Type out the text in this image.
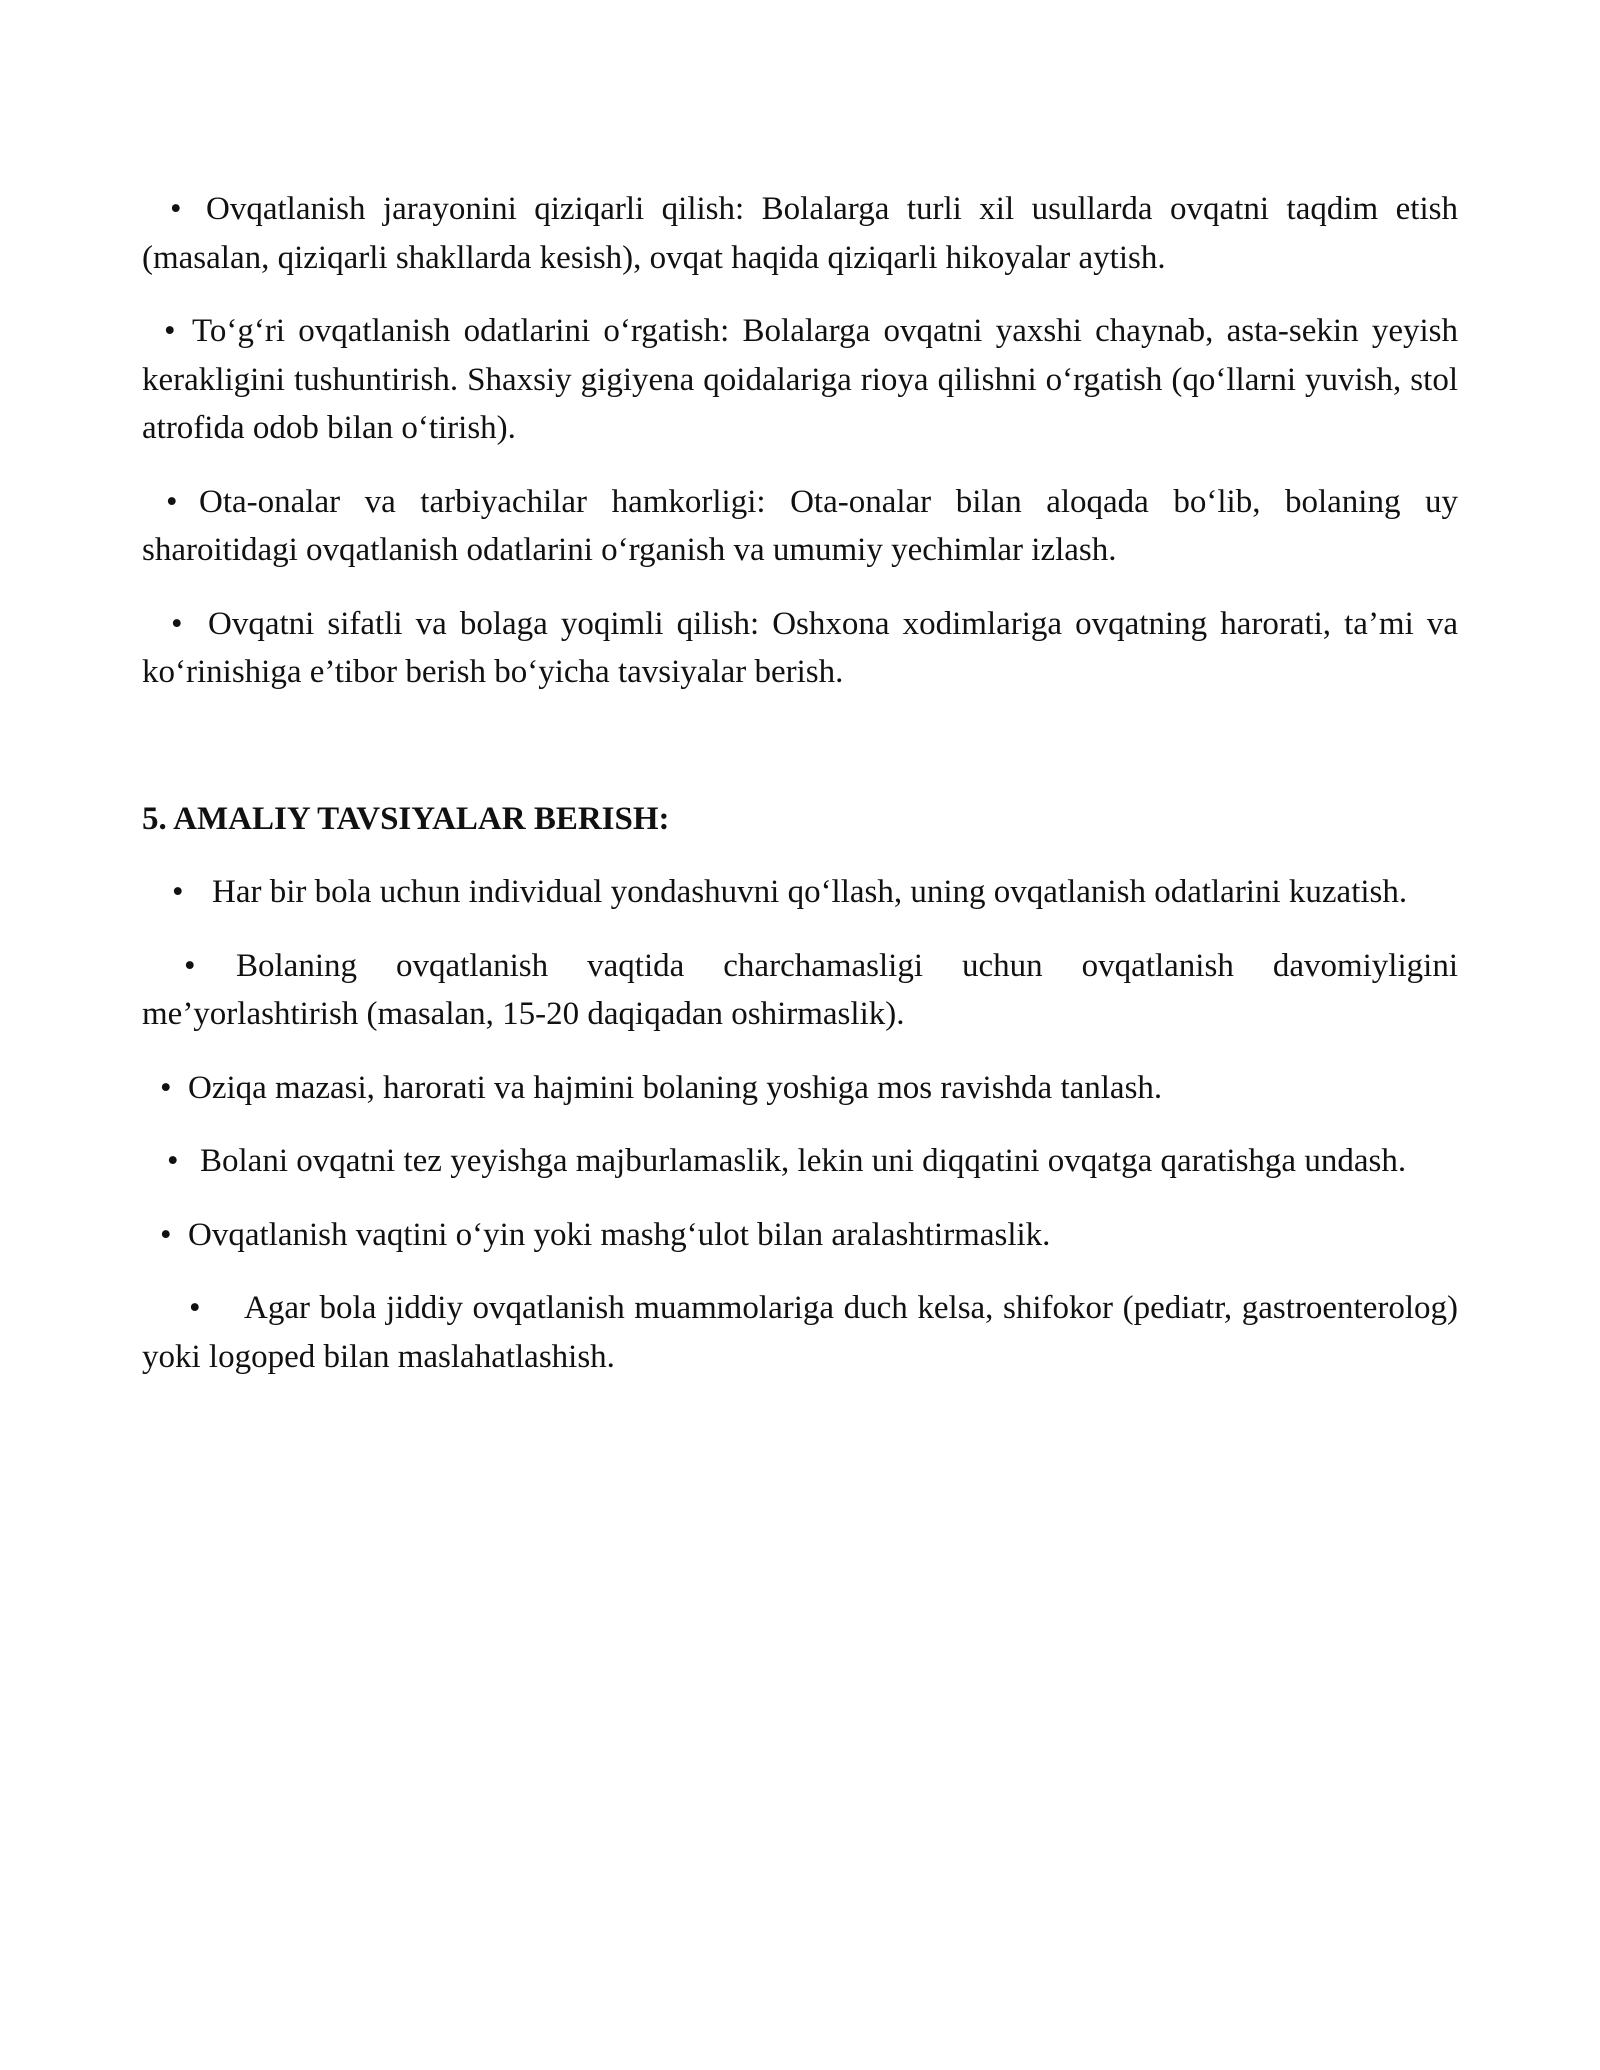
• Ovqatlanish jarayonini qiziqarli qilish: Bolalarga turli xil usullarda ovqatni taqdim etish (masalan, qiziqarli shakllarda kesish), ovqat haqida qiziqarli hikoyalar aytish.

• To‘g‘ri ovqatlanish odatlarini o‘rgatish: Bolalarga ovqatni yaxshi chaynab, asta-sekin yeyish kerakligini tushuntirish. Shaxsiy gigiyena qoidalariga rioya qilishni o‘rgatish (qo‘llarni yuvish, stol atrofida odob bilan o‘tirish).

• Ota-onalar va tarbiyachilar hamkorligi: Ota-onalar bilan aloqada bo‘lib, bolaning uy sharoitidagi ovqatlanish odatlarini o‘rganish va umumiy yechimlar izlash.

• Ovqatni sifatli va bolaga yoqimli qilish: Oshxona xodimlariga ovqatning harorati, ta’mi va ko‘rinishiga e’tibor berish bo‘yicha tavsiyalar berish.

5. AMALIY TAVSIYALAR BERISH:

• Har bir bola uchun individual yondashuvni qo‘llash, uning ovqatlanish odatlarini kuzatish.

• Bolaning ovqatlanish vaqtida charchamasligi uchun ovqatlanish davomiyligini me’yorlashtirish (masalan, 15-20 daqiqadan oshirmaslik).

• Oziqa mazasi, harorati va hajmini bolaning yoshiga mos ravishda tanlash.

• Bolani ovqatni tez yeyishga majburlamaslik, lekin uni diqqatini ovqatga qaratishga undash.

• Ovqatlanish vaqtini o‘yin yoki mashg‘ulot bilan aralashtirmaslik.

• Agar bola jiddiy ovqatlanish muammolariga duch kelsa, shifokor (pediatr, gastroenterolog) yoki logoped bilan maslahatlashish.
